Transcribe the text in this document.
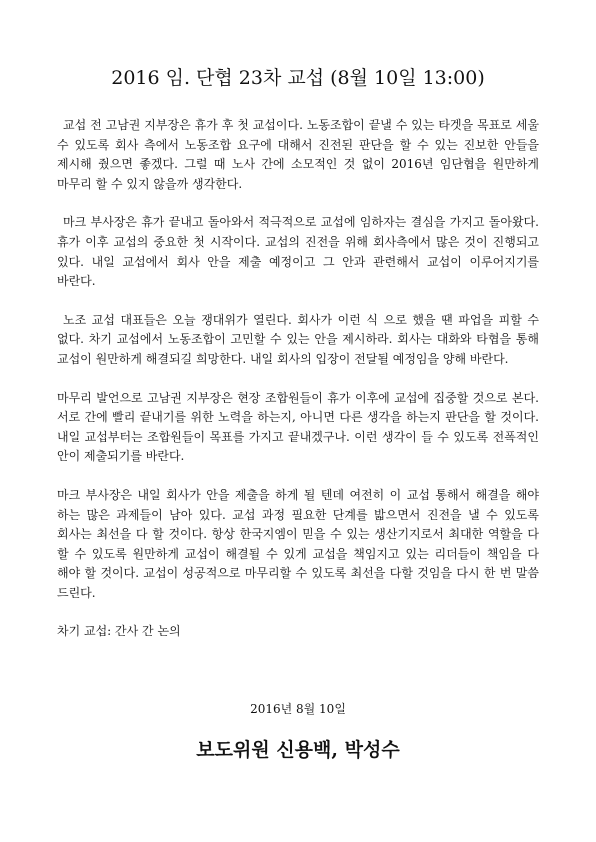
2016 임. 단협 23차 교섭 (8월 10일 13:00)

교섭 전 고남권 지부장은 휴가 후 첫 교섭이다. 노동조합이 끝낼 수 있는 타겟을 목표로 세울 수 있도록 회사 측에서 노동조합 요구에 대해서 진전된 판단을 할 수 있는 진보한 안들을 제시해 줬으면 좋겠다. 그럴 때 노사 간에 소모적인 것 없이 2016년 임단협을 원만하게 마무리 할 수 있지 않을까 생각한다.

마크 부사장은 휴가 끝내고 돌아와서 적극적으로 교섭에 임하자는 결심을 가지고 돌아왔다. 휴가 이후 교섭의 중요한 첫 시작이다. 교섭의 진전을 위해 회사측에서 많은 것이 진행되고 있다. 내일 교섭에서 회사 안을 제출 예정이고 그 안과 관련해서 교섭이 이루어지기를 바란다.

노조 교섭 대표들은 오늘 쟁대위가 열린다. 회사가 이런 식 으로 했을 땐 파업을 피할 수 없다. 차기 교섭에서 노동조합이 고민할 수 있는 안을 제시하라. 회사는 대화와 타협을 통해 교섭이 원만하게 해결되길 희망한다. 내일 회사의 입장이 전달될 예정임을 양해 바란다.

마무리 발언으로 고남권 지부장은 현장 조합원들이 휴가 이후에 교섭에 집중할 것으로 본다. 서로 간에 빨리 끝내기를 위한 노력을 하는지, 아니면 다른 생각을 하는지 판단을 할 것이다. 내일 교섭부터는 조합원들이 목표를 가지고 끝내겠구나. 이런 생각이 들 수 있도록 전폭적인 안이 제출되기를 바란다.

마크 부사장은 내일 회사가 안을 제출을 하게 될 텐데 여전히 이 교섭 통해서 해결을 해야 하는 많은 과제들이 남아 있다. 교섭 과정 필요한 단계를 밟으면서 진전을 낼 수 있도록 회사는 최선을 다 할 것이다. 항상 한국지엠이 믿을 수 있는 생산기지로서 최대한 역할을 다 할 수 있도록 원만하게 교섭이 해결될 수 있게 교섭을 책임지고 있는 리더들이 책임을 다 해야 할 것이다. 교섭이 성공적으로 마무리할 수 있도록 최선을 다할 것임을 다시 한 번 말씀 드린다.

차기 교섭: 간사 간 논의

2016년 8월 10일
보도위원 신용백, 박성수
